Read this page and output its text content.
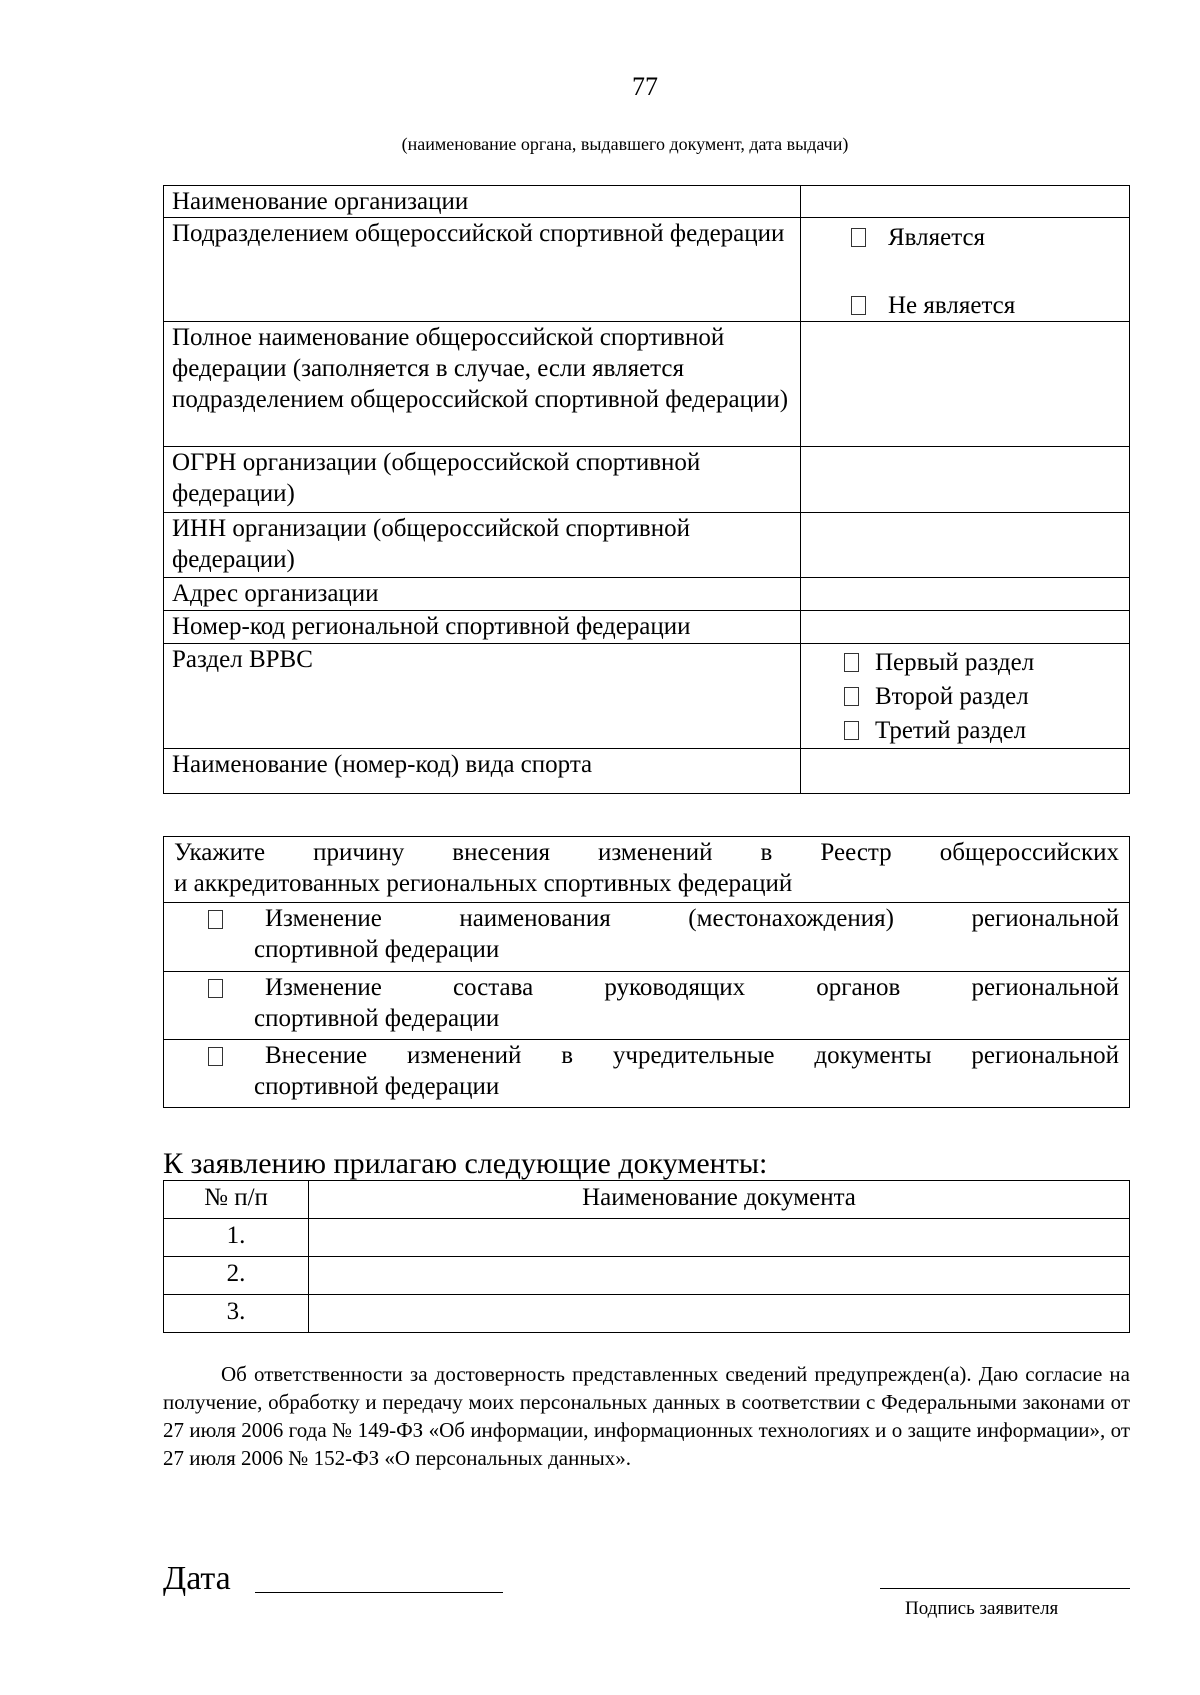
77
(наименование органа, выдавшего документ, дата выдачи)
Наименование организации	
Подразделением общероссийской спортивной федерации	Является
Не является

Полное наименование общероссийской спортивной федерации (заполняется в случае, если является подразделением общероссийской спортивной федерации)	
ОГРН организации (общероссийской спортивной федерации)	
ИНН организации (общероссийской спортивной федерации)	
Адрес организации	
Номер-код региональной спортивной федерации	
Раздел ВРВС	Первый раздел
Второй раздел
Третий раздел

Наименование (номер-код) вида спорта	
Укажите причину внесения изменений в Реестр общероссийских
и аккредитованных региональных спортивных федераций

Изменение наименования (местонахождения) региональной
спортивной федерации

Изменение состава руководящих органов региональной
спортивной федерации

Внесение изменений в учредительные документы региональной
спортивной федерации
К заявлению прилагаю следующие документы:
№ п/п	Наименование документа
1.	
2.	
3.	

Об ответственности за достоверность представленных сведений предупрежден(а). Даю согласие на получение, обработку и передачу моих персональных данных в соответствии с Федеральными законами от 27 июля 2006 года № 149-ФЗ «Об информации, информационных технологиях и о защите информации», от 27 июля 2006 № 152-ФЗ «О персональных данных».

Дата
Подпись заявителя
